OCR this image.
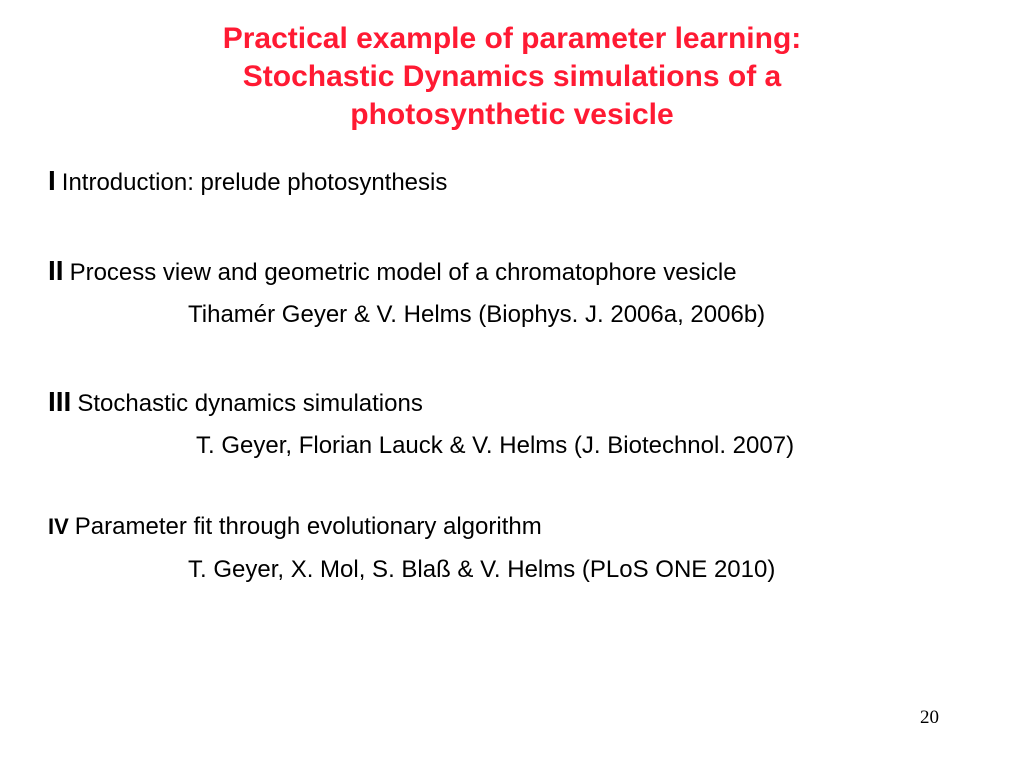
Practical example of parameter learning:
Stochastic Dynamics simulations of a
photosynthetic vesicle
I Introduction: prelude photosynthesis
II Process view and geometric model of a chromatophore vesicle
Tihamér Geyer & V. Helms (Biophys. J. 2006a, 2006b)
III Stochastic dynamics simulations
T. Geyer, Florian Lauck & V. Helms (J. Biotechnol. 2007)
IV Parameter fit through evolutionary algorithm
T. Geyer, X. Mol, S. Blaß & V. Helms (PLoS ONE 2010)
20
